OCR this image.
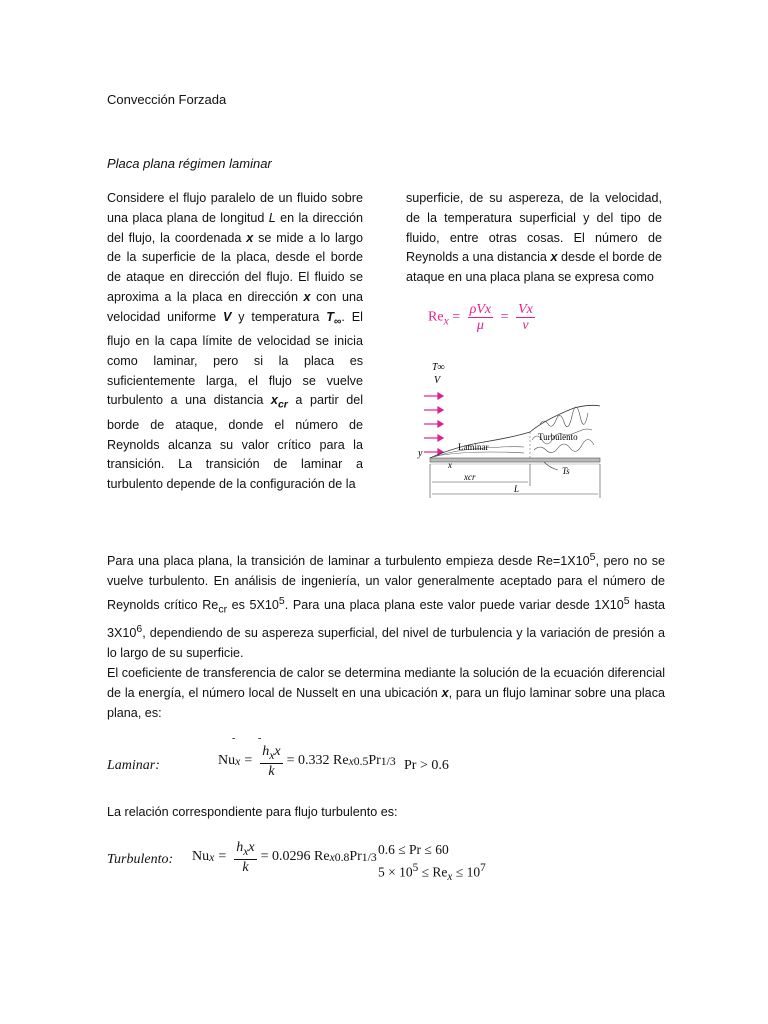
Convección Forzada
Placa plana régimen laminar
Considere el flujo paralelo de un fluido sobre una placa plana de longitud L en la dirección del flujo, la coordenada x se mide a lo largo de la superficie de la placa, desde el borde de ataque en dirección del flujo. El fluido se aproxima a la placa en dirección x con una velocidad uniforme V y temperatura $T_\infty$. El flujo en la capa límite de velocidad se inicia como laminar, pero si la placa es suficientemente larga, el flujo se vuelve turbulento a una distancia $x_{cr}$ a partir del borde de ataque, donde el número de Reynolds alcanza su valor crítico para la transición. La transición de laminar a turbulento depende de la configuración de la
superficie, de su aspereza, de la velocidad, de la temperatura superficial y del tipo de fluido, entre otras cosas. El número de Reynolds a una distancia x desde el borde de ataque en una placa plana se expresa como
$Re_x = \frac{\text{ρVx}}{\mu} = \frac{Vx}{\nu}$
T∞
V
y
Laminar
Turbulento
x
xcr
L
Ts
Para una placa plana, la transición de laminar a turbulento empieza desde $Re=1X10^5$, pero no se vuelve turbulento. En análisis de ingeniería, un valor generalmente aceptado para el número de Reynolds crítico $Re_{cr}$ es $5X10^5$. Para una placa plana este valor puede variar desde $1X10^5$ hasta $3X10^6$, dependiendo de su aspereza superficial, del nivel de turbulencia y la variación de presión a lo largo de su superficie.
El coeficiente de transferencia de calor se determina mediante la solución de la ecuación diferencial de la energía, el número local de Nusselt en una ubicación x, para un flujo laminar sobre una placa plana, es:
Laminar:
- -
Nu $x = \frac{h_xx}{k} = 0.332$ Re x 0.5 Pr 1/3 Pr > 0.6
La relación correspondiente para flujo turbulento es:
Turbulento: Nu $x = \frac{h_xx}{k} = 0.0296$ Re x 0.8 Pr 1/3
0.6 ≤ Pr ≤ 60
$5 \times 10^5 \le Re_x \le 10^7$
